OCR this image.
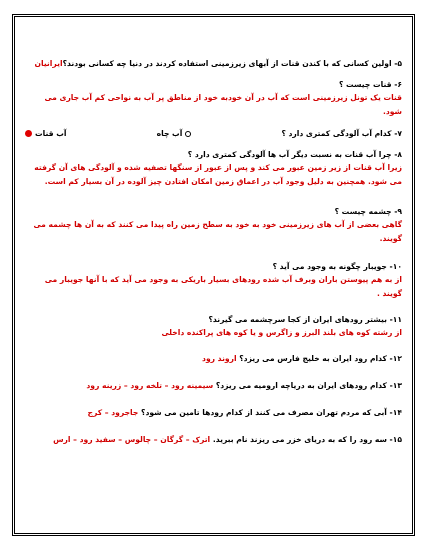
۵- اولین کسانی که با کندن قنات از آبهای زیرزمینی استفاده کردند در دنیا چه کسانی بودند؟ایرانیان
۶- قنات چیست ؟
قنات یک تونل زیرزمینی است که آب در آن خودبه خود از مناطق پر آب به نواحی کم آب جاری می شود.
۷- کدام آب آلودگی کمتری دارد ؟
آب چاه
آب قنات
۸- چرا آب قنات به نسبت دیگر آب ها آلودگی کمتری دارد ؟
زیرا آب قنات از زیر زمین عبور می کند و پس از عبور از سنگها تصفیه شده و آلودگی های آن گرفته می شود. همچنین به دلیل وجود آب در اعماق زمین امکان افتادن چیز آلوده در آن بسیار کم است.
۹- چشمه چیست ؟
گاهی بعضی از آب های زیرزمینی خود به خود به سطح زمین راه پیدا می کنند که به آن ها چشمه می گویند.
۱۰- جویبار چگونه به وجود می آید ؟
از به هم پیوستن باران وبرف آب شده رودهای بسیار باریکی به وجود می آید که با آنها جویبار می گویند .
۱۱- بیشتر رودهای ایران از کجا سرچشمه می گیرند؟
از رشته کوه های بلند البرز و زاگرس و یا کوه های پراکنده داخلی
۱۲- کدام رود ایران به خلیج فارس می ریزد؟ اروند رود
۱۳- کدام رودهای ایران به دریاچه ارومیه می ریزد؟ سیمینه رود – تلخه رود – زرینه رود
۱۴- آبی که مردم تهران مصرف می کنند از کدام رودها تامین می شود؟ جاجرود – کرج
۱۵- سه رود را که به دریای خزر می ریزند نام ببرید. اترک – گرگان – چالوس – سفید رود – ارس
